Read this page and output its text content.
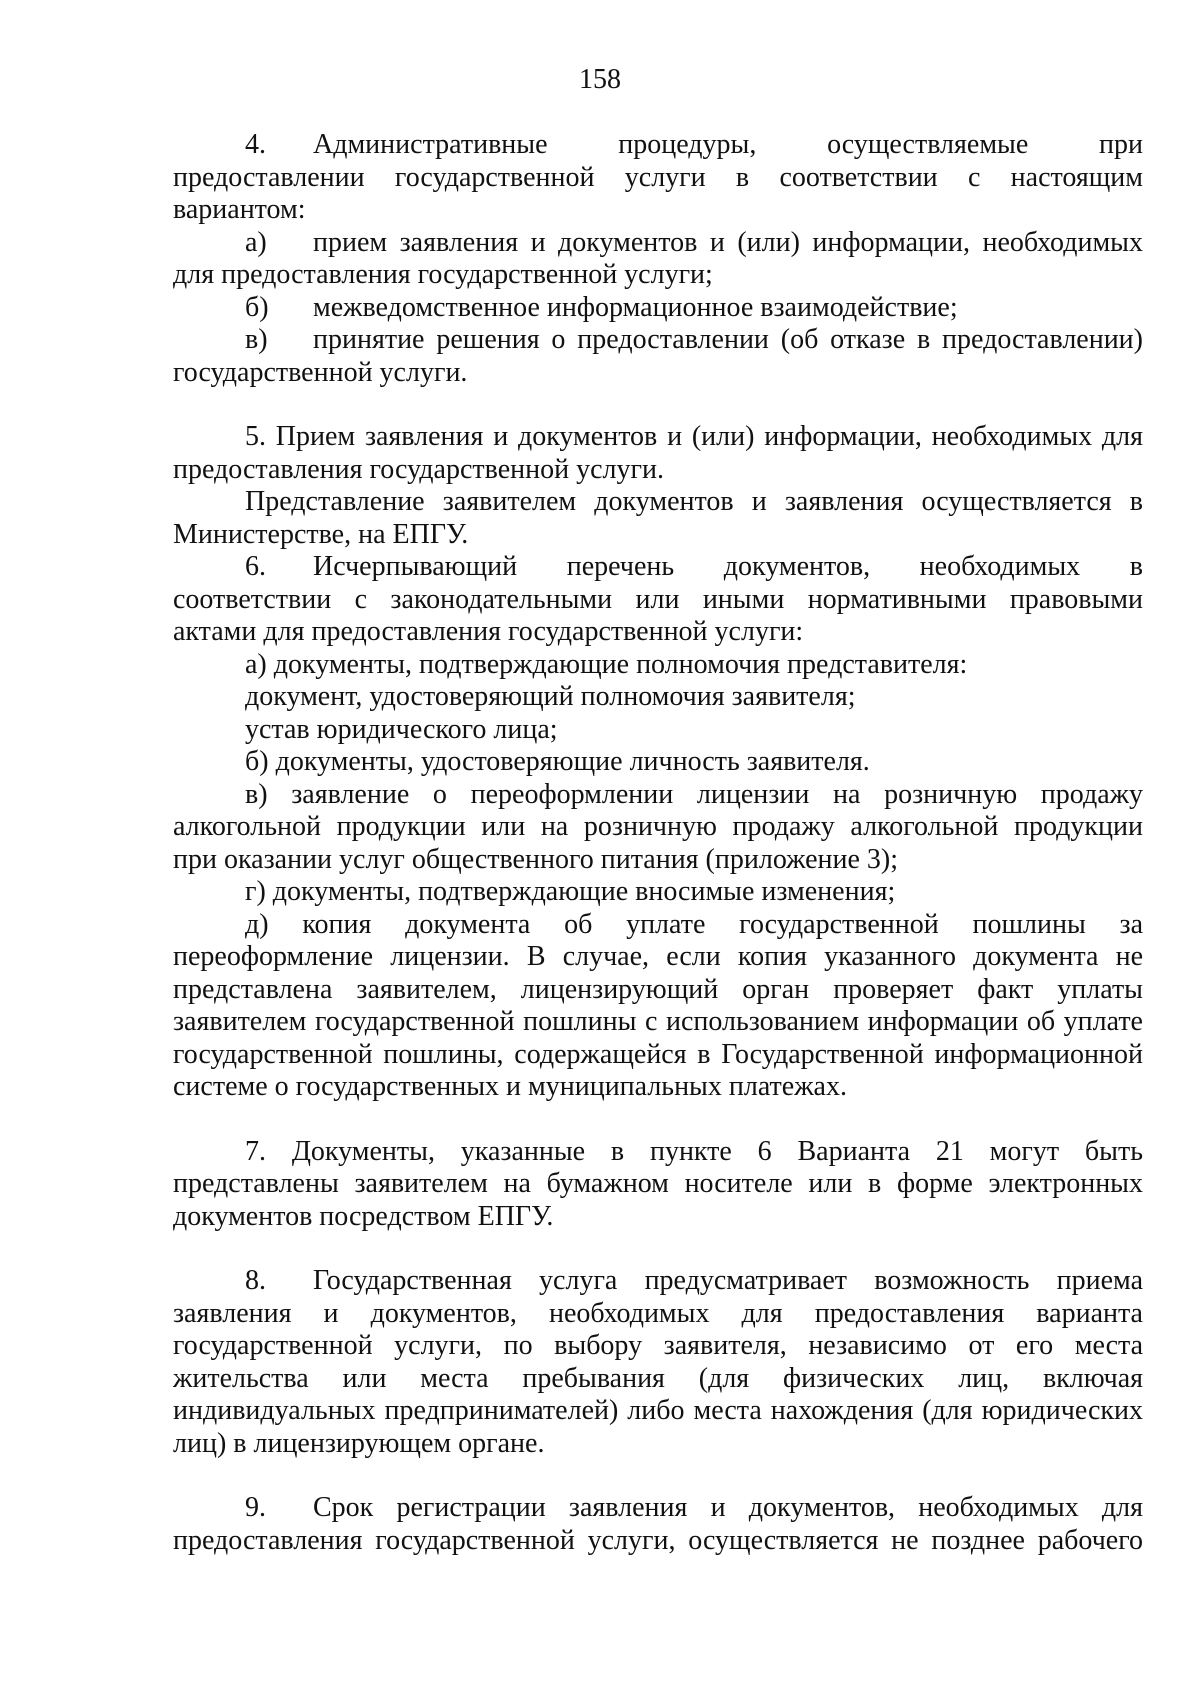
158
4. Административные процедуры, осуществляемые при
предоставлении государственной услуги в соответствии с настоящим
вариантом:
а) прием заявления и документов и (или) информации, необходимых
для предоставления государственной услуги;
б) межведомственное информационное взаимодействие;
в) принятие решения о предоставлении (об отказе в предоставлении)
государственной услуги.
5. Прием заявления и документов и (или) информации, необходимых для
предоставления государственной услуги.
Представление заявителем документов и заявления осуществляется в
Министерстве, на ЕПГУ.
6. Исчерпывающий перечень документов, необходимых в
соответствии с законодательными или иными нормативными правовыми
актами для предоставления государственной услуги:
а) документы, подтверждающие полномочия представителя:
документ, удостоверяющий полномочия заявителя;
устав юридического лица;
б) документы, удостоверяющие личность заявителя.
в) заявление о переоформлении лицензии на розничную продажу
алкогольной продукции или на розничную продажу алкогольной продукции
при оказании услуг общественного питания (приложение 3);
г) документы, подтверждающие вносимые изменения;
д) копия документа об уплате государственной пошлины за
переоформление лицензии. В случае, если копия указанного документа не
представлена заявителем, лицензирующий орган проверяет факт уплаты
заявителем государственной пошлины с использованием информации об уплате
государственной пошлины, содержащейся в Государственной информационной
системе о государственных и муниципальных платежах.
7. Документы, указанные в пункте 6 Варианта 21 могут быть
представлены заявителем на бумажном носителе или в форме электронных
документов посредством ЕПГУ.
8. Государственная услуга предусматривает возможность приема
заявления и документов, необходимых для предоставления варианта
государственной услуги, по выбору заявителя, независимо от его места
жительства или места пребывания (для физических лиц, включая
индивидуальных предпринимателей) либо места нахождения (для юридических
лиц) в лицензирующем органе.
9. Срок регистрации заявления и документов, необходимых для
предоставления государственной услуги, осуществляется не позднее рабочего
